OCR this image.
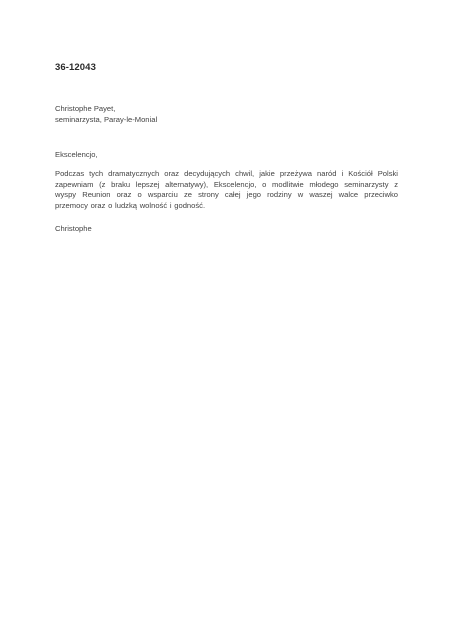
36-12043
Christophe Payet,
seminarzysta, Paray-le-Monial
Ekscelencjo,
Podczas tych dramatycznych oraz decydujących chwil, jakie przeżywa naród i Kościół Polski
zapewniam (z braku lepszej alternatywy), Ekscelencjo, o modlitwie młodego seminarzysty z
wyspy Reunion oraz o wsparciu ze strony całej jego rodziny w waszej walce przeciwko
przemocy oraz o ludzką wolność i godność.
Christophe
